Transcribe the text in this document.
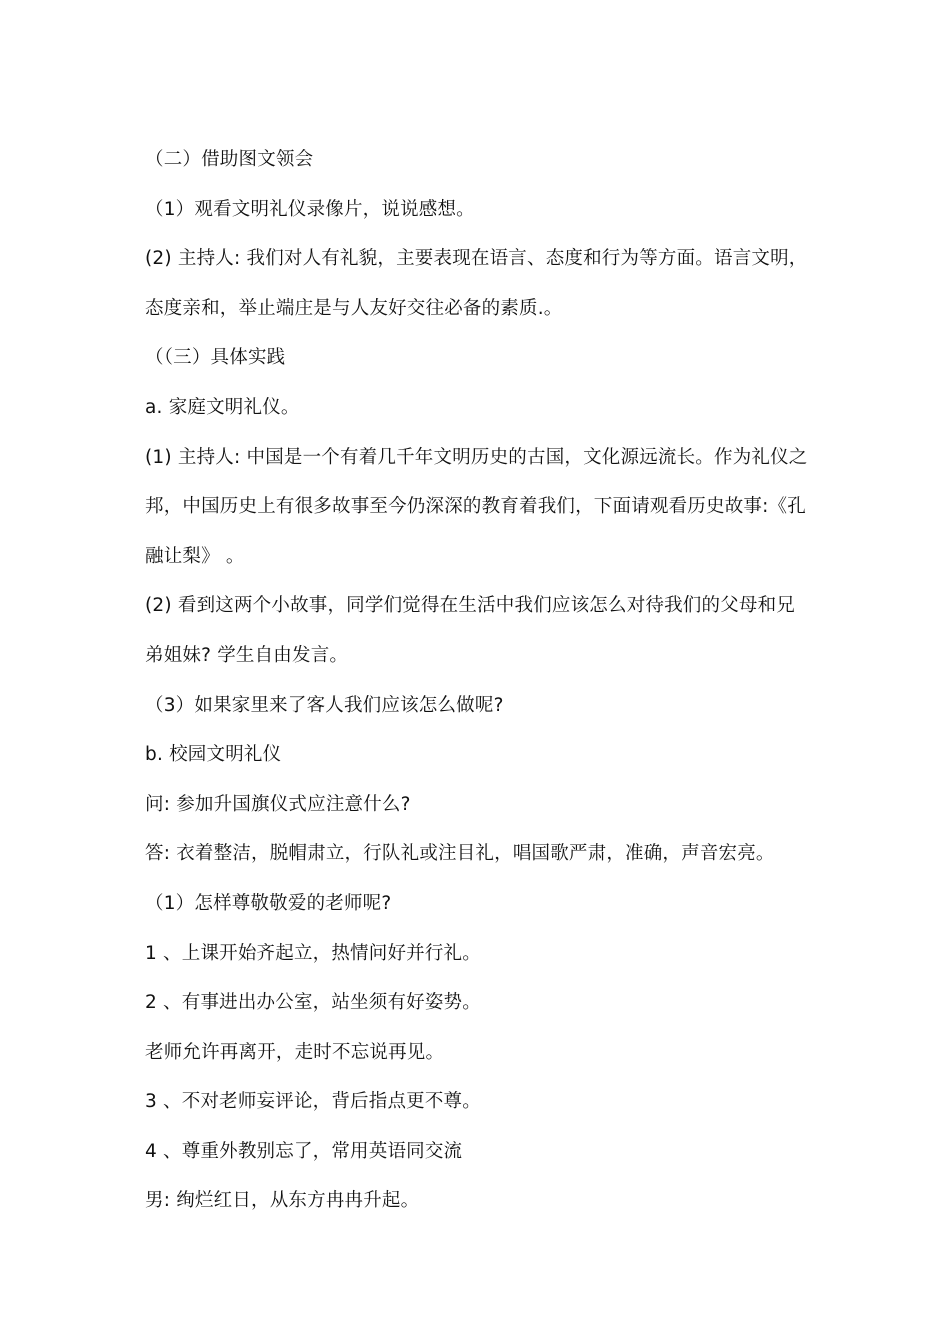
（二）借助图文领会
（1）观看文明礼仪录像片，说说感想。
(2) 主持人: 我们对人有礼貌，主要表现在语言、态度和行为等方面。语言文明，
态度亲和，举止端庄是与人友好交往必备的素质.。
（（三）具体实践
a. 家庭文明礼仪。
(1) 主持人: 中国是一个有着几千年文明历史的古国，文化源远流长。作为礼仪之
邦，中国历史上有很多故事至今仍深深的教育着我们，下面请观看历史故事:《孔
融让梨》 。
(2) 看到这两个小故事，同学们觉得在生活中我们应该怎么对待我们的父母和兄
弟姐妹? 学生自由发言。
（3）如果家里来了客人我们应该怎么做呢?
b. 校园文明礼仪
问: 参加升国旗仪式应注意什么?
答: 衣着整洁，脱帽肃立，行队礼或注目礼，唱国歌严肃，准确，声音宏亮。
（1）怎样尊敬敬爱的老师呢?
1 、上课开始齐起立，热情问好并行礼。
2 、有事进出办公室，站坐须有好姿势。
老师允许再离开，走时不忘说再见。
3 、不对老师妄评论，背后指点更不尊。
4 、尊重外教别忘了，常用英语同交流
男: 绚烂红日，从东方冉冉升起。
